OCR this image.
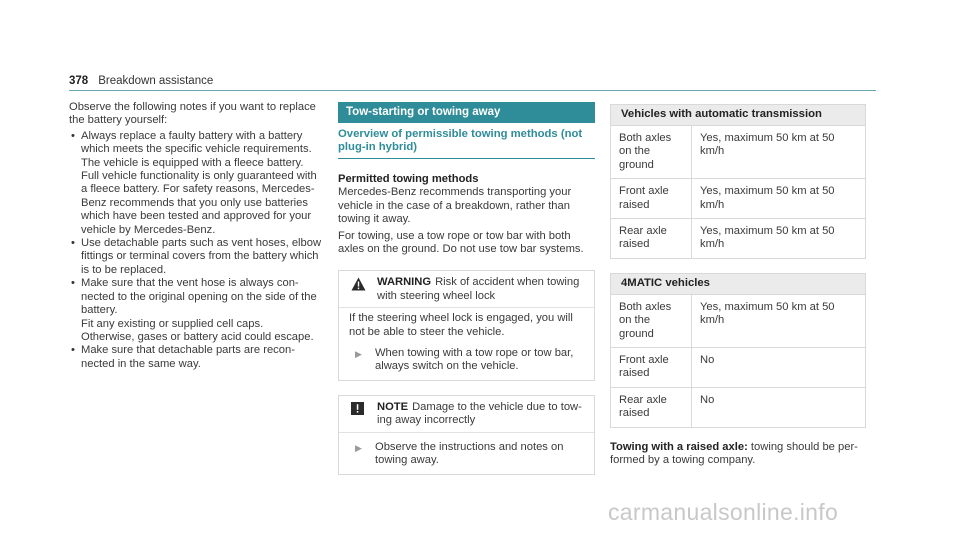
378 Breakdown assistance

Observe the following notes if you want to replace the battery yourself:

• Always replace a faulty battery with a battery which meets the specific vehicle requirements.

The vehicle is equipped with a fleece battery. Full vehicle functionality is only guaranteed with a fleece battery. For safety reasons, Mercedes-Benz recommends that you only use batteries which have been tested and approved for your vehicle by Mercedes-Benz.

• Use detachable parts such as vent hoses, elbow fittings or terminal covers from the battery which is to be replaced.

• Make sure that the vent hose is always connected to the original opening on the side of the battery.

Fit any existing or supplied cell caps.

Otherwise, gases or battery acid could escape.

• Make sure that detachable parts are reconnected in the same way.

Tow-starting or towing away
Overview of permissible towing methods (not plug-in hybrid)

Permitted towing methods

Mercedes-Benz recommends transporting your vehicle in the case of a breakdown, rather than towing it away.

For towing, use a tow rope or tow bar with both axles on the ground. Do not use tow bar systems.

WARNING Risk of accident when towing with steering wheel lock

If the steering wheel lock is engaged, you will not be able to steer the vehicle.

▶	When towing with a tow rope or tow bar, always switch on the vehicle.
NOTE Damage to the vehicle due to towing away incorrectly
▶	Observe the instructions and notes on towing away.
Vehicles with automatic transmission	
Both axles on the ground	Yes, maximum 50 km at 50 km/h
Front axle raised	Yes, maximum 50 km at 50 km/h
Rear axle raised	Yes, maximum 50 km at 50 km/h
4MATIC vehicles	
Both axles on the ground	Yes, maximum 50 km at 50 km/h
Front axle raised	No
Rear axle raised	No

Towing with a raised axle: towing should be performed by a towing company.

carmanualsonline.info
